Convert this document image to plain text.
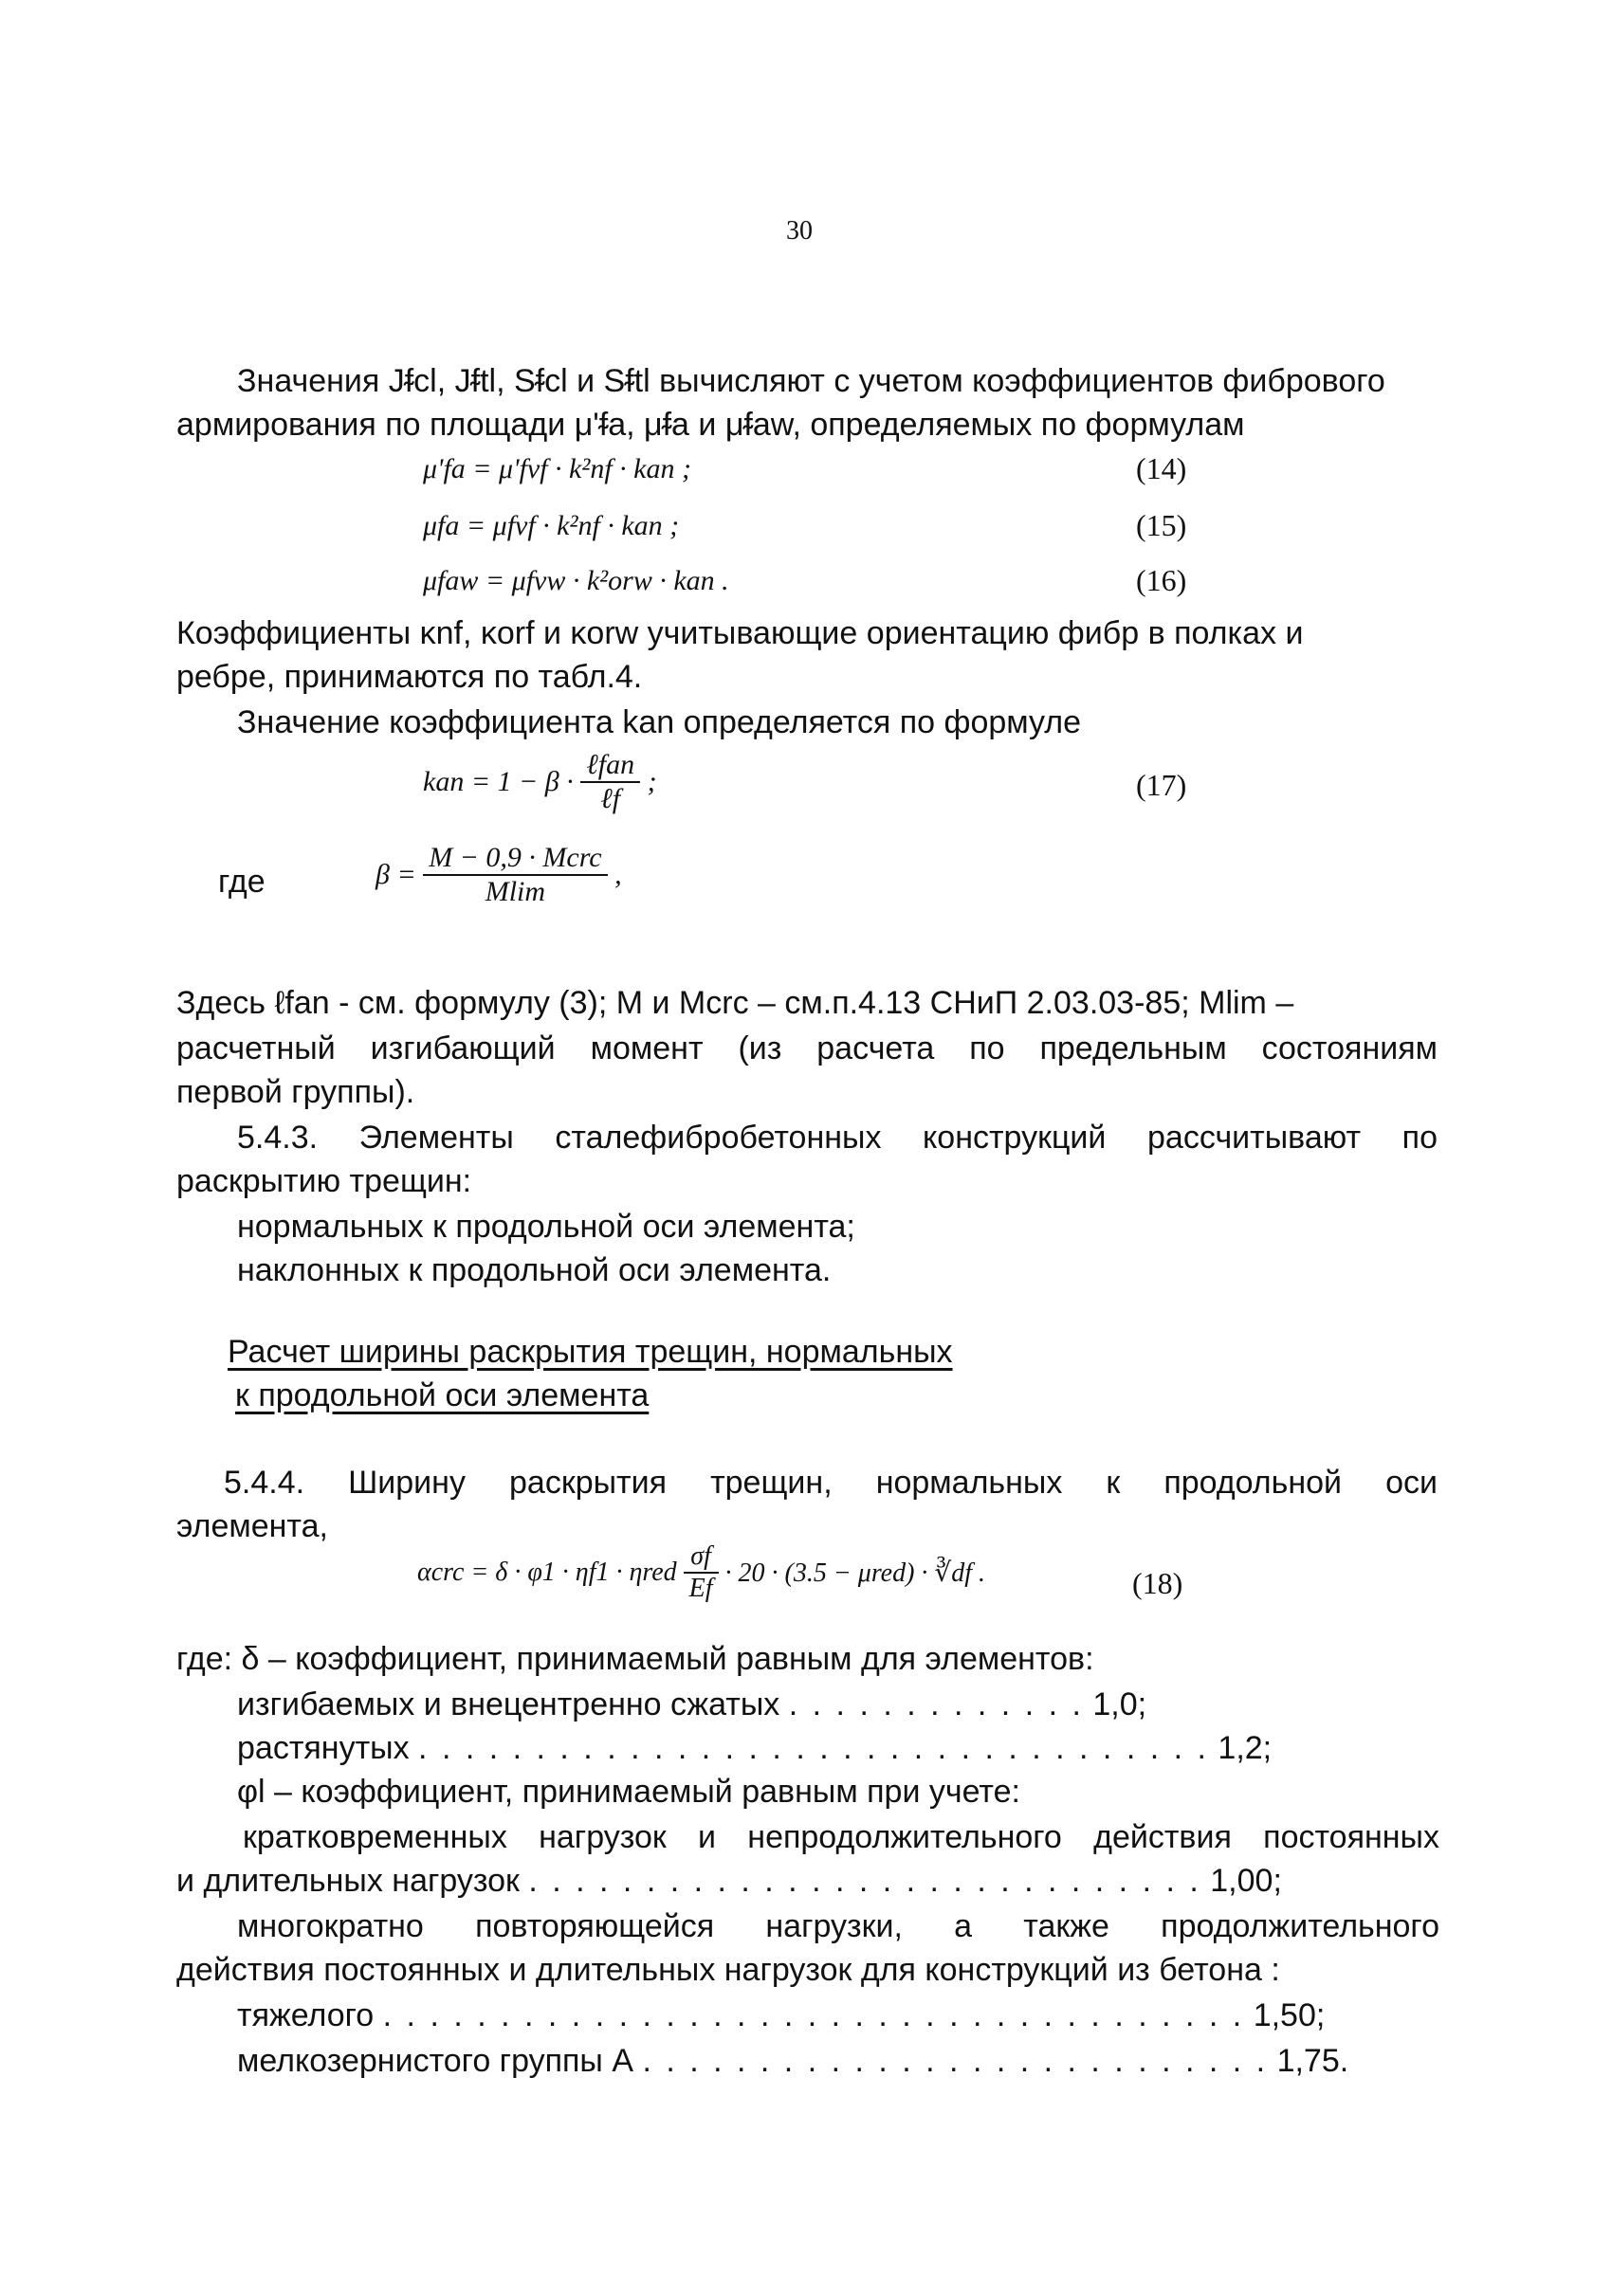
30
Значения Jᵮcl, Jᵮtl, Sᵮcl и Sᵮtl вычисляют с учетом коэффициентов фибрового
армирования по площади μ'ᵮa, μᵮa и μᵮaw, определяемых по формулам
μ'fa = μ'fvf · k²nf · kan ;	(14)
μfa = μfvf · k²nf · kan ;	(15)
μfaw = μfvw · k²orw · kan .	(16)
Коэффициенты κnf, κorf и κorw учитывающие ориентацию фибр в полках и
ребре, принимаются по табл.4.
Значение коэффициента kan определяется по формуле
kan = $1 - \beta \cdot \frac{\text{ℓfan}}{\text{ℓf}}$ ;	(17)
где	$\beta = \frac{\text{M − 0,9 · Mcrc}}{Mlim}$ ,
Здесь ℓfan - см. формулу (3); M и Mcrc – см.п.4.13 СНиП 2.03.03-85; Mlim –
расчетный изгибающий момент (из расчета по предельным состояниям
первой группы).
5.4.3. Элементы сталефибробетонных конструкций рассчитывают по
раскрытию трещин:
нормальных к продольной оси элемента;
наклонных к продольной оси элемента.
Расчет ширины раскрытия трещин, нормальных
к продольной оси элемента
5.4.4. Ширину раскрытия трещин, нормальных к продольной оси
элемента,
αcrc = δ · φ1 · ηf1 · ηred $\frac{\sigma f}{Ef} \cdot 20 \cdot (3.5 - \mu red)$ · ∛df .	(18)
где: δ – коэффициент, принимаемый равным для элементов:
изгибаемых и внецентренно сжатых . . . . . . . . . . . . . 1,0;
растянутых . . . . . . . . . . . . . . . . . . . . . . . . . . . . . . . . . . 1,2;
φl – коэффициент, принимаемый равным при учете:
кратковременных нагрузок и непродолжительного действия постоянных
и длительных нагрузок . . . . . . . . . . . . . . . . . . . . . . . . . . . . . 1,00;
многократно повторяющейся нагрузки, а также продолжительного
действия постоянных и длительных нагрузок для конструкций из бетона :
тяжелого . . . . . . . . . . . . . . . . . . . . . . . . . . . . . . . . . . . . . 1,50;
мелкозернистого группы А . . . . . . . . . . . . . . . . . . . . . . . . . . . 1,75.
